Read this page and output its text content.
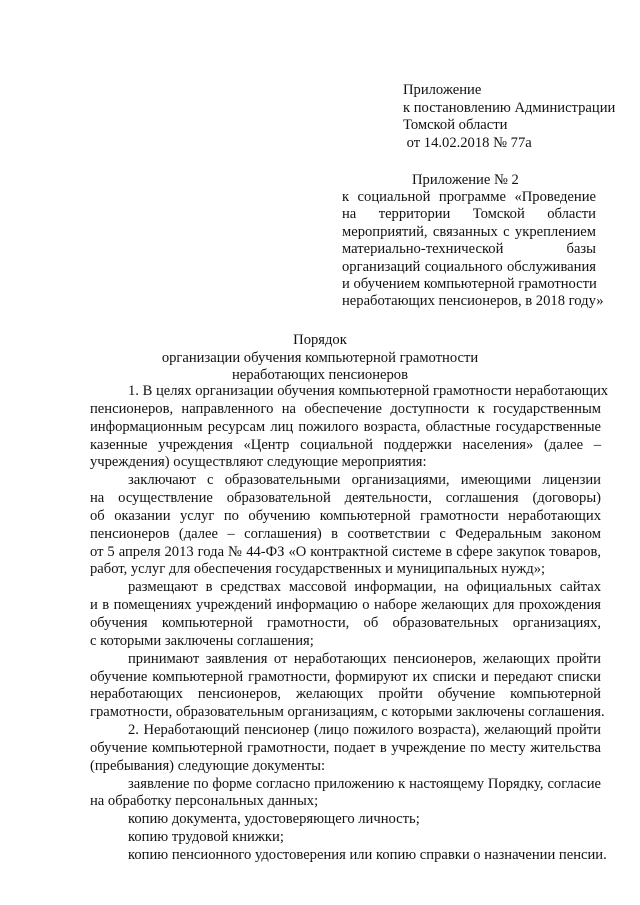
Приложение
к постановлению Администрации
Томской области
от 14.02.2018 № 77а
Приложение № 2
к социальной программе «Проведение
на территории Томской области
мероприятий, связанных с укреплением
материально-технической базы
организаций социального обслуживания
и обучением компьютерной грамотности
неработающих пенсионеров, в 2018 году»
Порядок
организации обучения компьютерной грамотности
неработающих пенсионеров
1. В целях организации обучения компьютерной грамотности неработающих
пенсионеров, направленного на обеспечение доступности к государственным
информационным ресурсам лиц пожилого возраста, областные государственные
казенные учреждения «Центр социальной поддержки населения» (далее –
учреждения) осуществляют следующие мероприятия:
заключают с образовательными организациями, имеющими лицензии
на осуществление образовательной деятельности, соглашения (договоры)
об оказании услуг по обучению компьютерной грамотности неработающих
пенсионеров (далее – соглашения) в соответствии с Федеральным законом
от 5 апреля 2013 года № 44-ФЗ «О контрактной системе в сфере закупок товаров,
работ, услуг для обеспечения государственных и муниципальных нужд»;
размещают в средствах массовой информации, на официальных сайтах
и в помещениях учреждений информацию о наборе желающих для прохождения
обучения компьютерной грамотности, об образовательных организациях,
с которыми заключены соглашения;
принимают заявления от неработающих пенсионеров, желающих пройти
обучение компьютерной грамотности, формируют их списки и передают списки
неработающих пенсионеров, желающих пройти обучение компьютерной
грамотности, образовательным организациям, с которыми заключены соглашения.
2. Неработающий пенсионер (лицо пожилого возраста), желающий пройти
обучение компьютерной грамотности, подает в учреждение по месту жительства
(пребывания) следующие документы:
заявление по форме согласно приложению к настоящему Порядку, согласие
на обработку персональных данных;
копию документа, удостоверяющего личность;
копию трудовой книжки;
копию пенсионного удостоверения или копию справки о назначении пенсии.
